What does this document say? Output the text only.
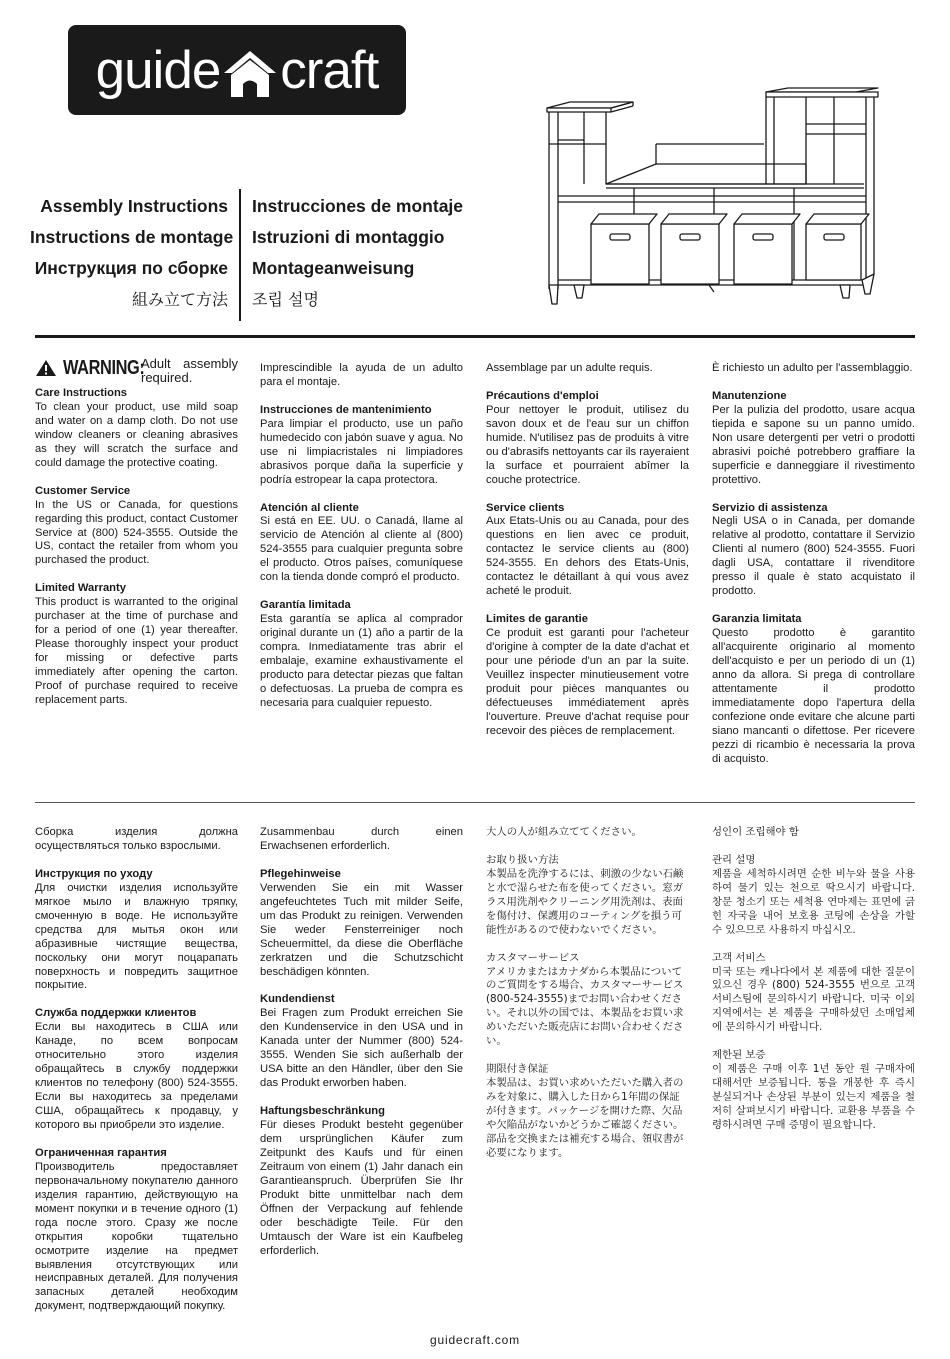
guide craft
Assembly Instructions
Instructions de montage
Инструкция по сборке
組み立て方法
Instrucciones de montaje
Istruzioni di montaggio
Montageanweisung
조립 설명
WARNING:
Adult assembly required.
Care Instructions

To clean your product, use mild soap and water on a damp cloth. Do not use window cleaners or cleaning abrasives as they will scratch the surface and could damage the protective coating.

Customer Service

In the US or Canada, for questions regarding this product, contact Customer Service at (800) 524-3555. Outside the US, contact the retailer from whom you purchased the product.

Limited Warranty

This product is warranted to the original purchaser at the time of purchase and for a period of one (1) year thereafter. Please thoroughly inspect your product for missing or defective parts immediately after opening the carton. Proof of purchase required to receive replacement parts.

Imprescindible la ayuda de un adulto para el montaje.

Instrucciones de mantenimiento

Para limpiar el producto, use un paño humedecido con jabón suave y agua. No use ni limpiacristales ni limpiadores abrasivos porque daña la superficie y podría estropear la capa protectora.

Atención al cliente

Si está en EE. UU. o Canadá, llame al servicio de Atención al cliente al (800) 524-3555 para cualquier pregunta sobre el producto. Otros países, comuníquese con la tienda donde compró el producto.

Garantía limitada

Esta garantía se aplica al comprador original durante un (1) año a partir de la compra. Inmediatamente tras abrir el embalaje, examine exhaustivamente el producto para detectar piezas que faltan o defectuosas. La prueba de compra es necesaria para cualquier repuesto.

Assemblage par un adulte requis.

Précautions d'emploi

Pour nettoyer le produit, utilisez du savon doux et de l'eau sur un chiffon humide. N'utilisez pas de produits à vitre ou d'abrasifs nettoyants car ils rayeraient la surface et pourraient abîmer la couche protectrice.

Service clients

Aux Etats-Unis ou au Canada, pour des questions en lien avec ce produit, contactez le service clients au (800) 524-3555. En dehors des Etats-Unis, contactez le détaillant à qui vous avez acheté le produit.

Limites de garantie

Ce produit est garanti pour l'acheteur d'origine à compter de la date d'achat et pour une période d'un an par la suite. Veuillez inspecter minutieusement votre produit pour pièces manquantes ou défectueuses immédiatement après l'ouverture. Preuve d'achat requise pour recevoir des pièces de remplacement.

È richiesto un adulto per l'assemblaggio.

Manutenzione

Per la pulizia del prodotto, usare acqua tiepida e sapone su un panno umido. Non usare detergenti per vetri o prodotti abrasivi poiché potrebbero graffiare la superficie e danneggiare il rivestimento protettivo.

Servizio di assistenza

Negli USA o in Canada, per domande relative al prodotto, contattare il Servizio Clienti al numero (800) 524-3555. Fuori dagli USA, contattare il rivenditore presso il quale è stato acquistato il prodotto.

Garanzia limitata

Questo prodotto è garantito all'acquirente originario al momento dell'acquisto e per un periodo di un (1) anno da allora. Si prega di controllare attentamente il prodotto immediatamente dopo l'apertura della confezione onde evitare che alcune parti siano mancanti o difettose. Per ricevere pezzi di ricambio è necessaria la prova di acquisto.

Сборка изделия должна осуществляться только взрослыми.

Инструкция по уходу

Для очистки изделия используйте мягкое мыло и влажную тряпку, смоченную в воде. Не используйте средства для мытья окон или абразивные чистящие вещества, поскольку они могут поцарапать поверхность и повредить защитное покрытие.

Служба поддержки клиентов

Если вы находитесь в США или Канаде, по всем вопросам относительно этого изделия обращайтесь в службу поддержки клиентов по телефону (800) 524-3555. Если вы находитесь за пределами США, обращайтесь к продавцу, у которого вы приобрели это изделие.

Ограниченная гарантия

Производитель предоставляет первоначальному покупателю данного изделия гарантию, действующую на момент покупки и в течение одного (1) года после этого. Сразу же после открытия коробки тщательно осмотрите изделие на предмет выявления отсутствующих или неисправных деталей. Для получения запасных деталей необходим документ, подтверждающий покупку.

Zusammenbau durch einen Erwachsenen erforderlich.

Pflegehinweise

Verwenden Sie ein mit Wasser angefeuchtetes Tuch mit milder Seife, um das Produkt zu reinigen. Verwenden Sie weder Fensterreiniger noch Scheuermittel, da diese die Oberfläche zerkratzen und die Schutzschicht beschädigen könnten.

Kundendienst

Bei Fragen zum Produkt erreichen Sie den Kundenservice in den USA und in Kanada unter der Nummer (800) 524-3555. Wenden Sie sich außerhalb der USA bitte an den Händler, über den Sie das Produkt erworben haben.

Haftungsbeschränkung

Für dieses Produkt besteht gegenüber dem ursprünglichen Käufer zum Zeitpunkt des Kaufs und für einen Zeitraum von einem (1) Jahr danach ein Garantieanspruch. Überprüfen Sie Ihr Produkt bitte unmittelbar nach dem Öffnen der Verpackung auf fehlende oder beschädigte Teile. Für den Umtausch der Ware ist ein Kaufbeleg erforderlich.

大人の人が組み立ててください。

お取り扱い方法

本製品を洗浄するには、刺激の少ない石鹸と水で湿らせた布を使ってください。窓ガラス用洗剤やクリーニング用洗剤は、表面を傷付け、保護用のコーティングを損う可能性があるので使わないでください。

カスタマーサービス

アメリカまたはカナダから本製品についてのご質問をする場合、カスタマーサービス(800-524-3555)までお問い合わせください。それ以外の国では、本製品をお買い求めいただいた販売店にお問い合わせください。

期限付き保証

本製品は、お買い求めいただいた購入者のみを対象に、購入した日から1年間の保証が付きます。パッケージを開けた際、欠品や欠陥品がないかどうかご確認ください。部品を交換または補充する場合、領収書が必要になります。

성인이 조립해야 함

관리 설명

제품을 세척하시려면 순한 비누와 물을 사용하여 물기 있는 천으로 딱으시기 바랍니다. 창문 청소기 또는 세척용 연마제는 표면에 긁힌 자국을 내어 보호용 코팅에 손상을 가할 수 있으므로 사용하지 마십시오.

고객 서비스

미국 또는 캐나다에서 본 제품에 대한 질문이 있으신 경우 (800) 524-3555 번으로 고객 서비스팀에 문의하시기 바랍니다. 미국 이외 지역에서는 본 제품을 구매하셨던 소매업체에 문의하시기 바랍니다.

제한된 보증

이 제품은 구매 이후 1년 동안 원 구매자에 대해서만 보증됩니다. 통을 개봉한 후 즉시 분실되거나 손상된 부분이 있는지 제품을 철저히 살펴보시기 바랍니다. 교환용 부품을 수령하시려면 구매 증명이 필요합니다.

guidecraft.com
